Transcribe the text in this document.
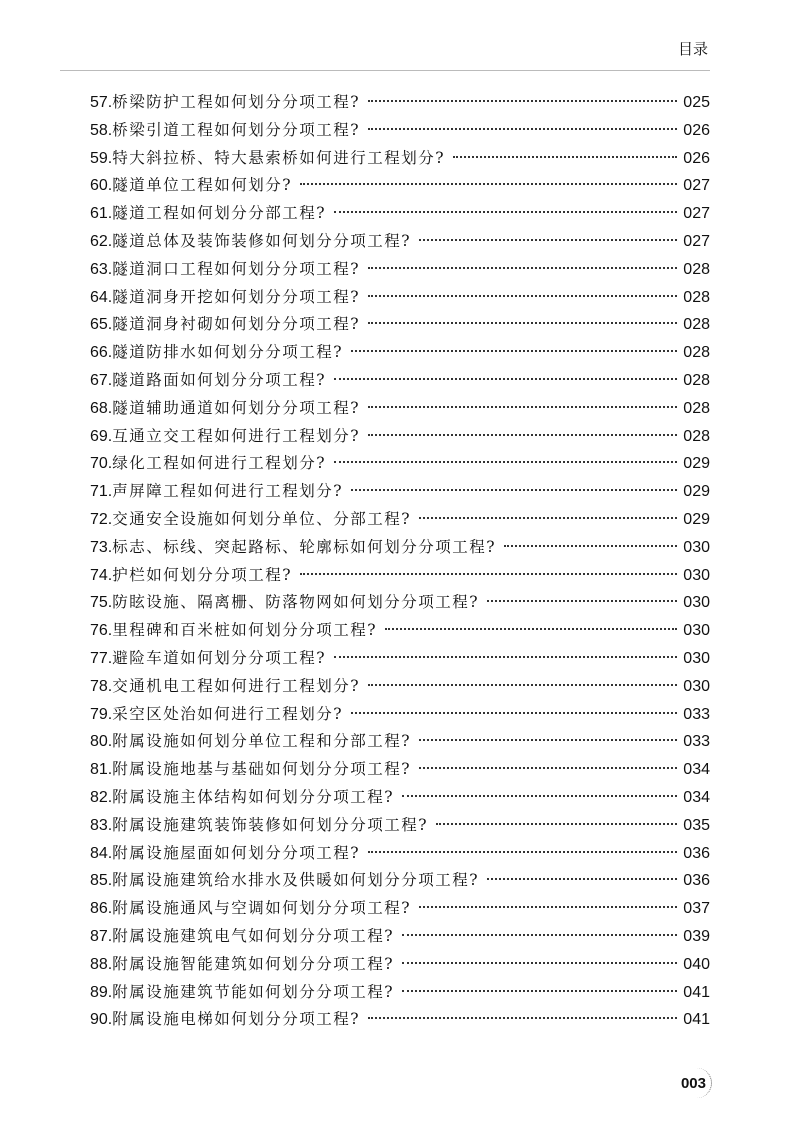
目录
57. 桥梁防护工程如何划分分项工程?	025
58. 桥梁引道工程如何划分分项工程?	026
59. 特大斜拉桥、特大悬索桥如何进行工程划分?	026
60. 隧道单位工程如何划分?	027
61. 隧道工程如何划分分部工程?	027
62. 隧道总体及装饰装修如何划分分项工程?	027
63. 隧道洞口工程如何划分分项工程?	028
64. 隧道洞身开挖如何划分分项工程?	028
65. 隧道洞身衬砌如何划分分项工程?	028
66. 隧道防排水如何划分分项工程?	028
67. 隧道路面如何划分分项工程?	028
68. 隧道辅助通道如何划分分项工程?	028
69. 互通立交工程如何进行工程划分?	028
70. 绿化工程如何进行工程划分?	029
71. 声屏障工程如何进行工程划分?	029
72. 交通安全设施如何划分单位、分部工程?	029
73. 标志、标线、突起路标、轮廓标如何划分分项工程?	030
74. 护栏如何划分分项工程?	030
75. 防眩设施、隔离栅、防落物网如何划分分项工程?	030
76. 里程碑和百米桩如何划分分项工程?	030
77. 避险车道如何划分分项工程?	030
78. 交通机电工程如何进行工程划分?	030
79. 采空区处治如何进行工程划分?	033
80. 附属设施如何划分单位工程和分部工程?	033
81. 附属设施地基与基础如何划分分项工程?	034
82. 附属设施主体结构如何划分分项工程?	034
83. 附属设施建筑装饰装修如何划分分项工程?	035
84. 附属设施屋面如何划分分项工程?	036
85. 附属设施建筑给水排水及供暖如何划分分项工程?	036
86. 附属设施通风与空调如何划分分项工程?	037
87. 附属设施建筑电气如何划分分项工程?	039
88. 附属设施智能建筑如何划分分项工程?	040
89. 附属设施建筑节能如何划分分项工程?	041
90. 附属设施电梯如何划分分项工程?	041
003
